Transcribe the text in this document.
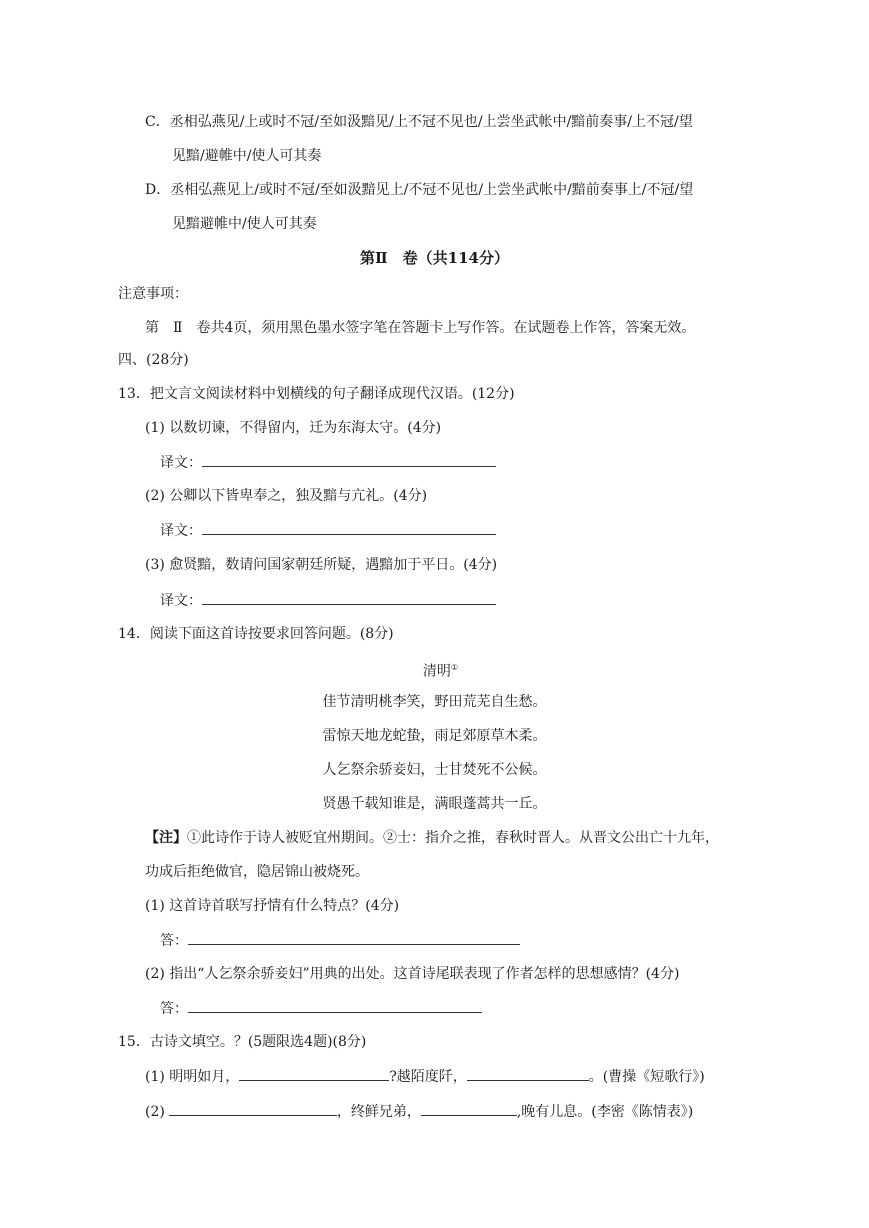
C．丞相弘燕见/上或时不冠/至如汲黯见/上不冠不见也/上尝坐武帐中/黯前奏事/上不冠/望
见黯/避帷中/使人可其奏
D．丞相弘燕见上/或时不冠/至如汲黯见上/不冠不见也/上尝坐武帐中/黯前奏事上/不冠/望
见黯避帷中/使人可其奏
第Ⅱ　卷（共114分）
注意事项：
第　Ⅱ　卷共4页，须用黑色墨水签字笔在答题卡上写作答。在试题卷上作答，答案无效。
四、(28分)
13．把文言文阅读材料中划横线的句子翻译成现代汉语。(12分)
(1) 以数切谏，不得留内，迁为东海太守。(4分)
译文：
(2) 公卿以下皆卑奉之，独及黯与亢礼。(4分)
译文：
(3) 愈贤黯，数请问国家朝廷所疑，遇黯加于平日。(4分)
译文：
14．阅读下面这首诗按要求回答问题。(8分)
清明①
佳节清明桃李笑，野田荒芜自生愁。
雷惊天地龙蛇蛰，雨足郊原草木柔。
人乞祭余骄妾妇，士甘焚死不公候。
贤愚千载知谁是，满眼蓬蒿共一丘。
【注】①此诗作于诗人被贬宜州期间。②士：指介之推，春秋时晋人。从晋文公出亡十九年，
功成后拒绝做官，隐居锦山被烧死。
(1) 这首诗首联写抒情有什么特点？(4分)
答：
(2) 指出“人乞祭余骄妾妇”用典的出处。这首诗尾联表现了作者怎样的思想感情？(4分)
答：
15．古诗文填空。？(5题限选4题)(8分)
(1) 明明如月，	?越陌度阡，	。(曹操《短歌行》)
(2)	，终鲜兄弟，	,晚有儿息。(李密《陈情表》)
